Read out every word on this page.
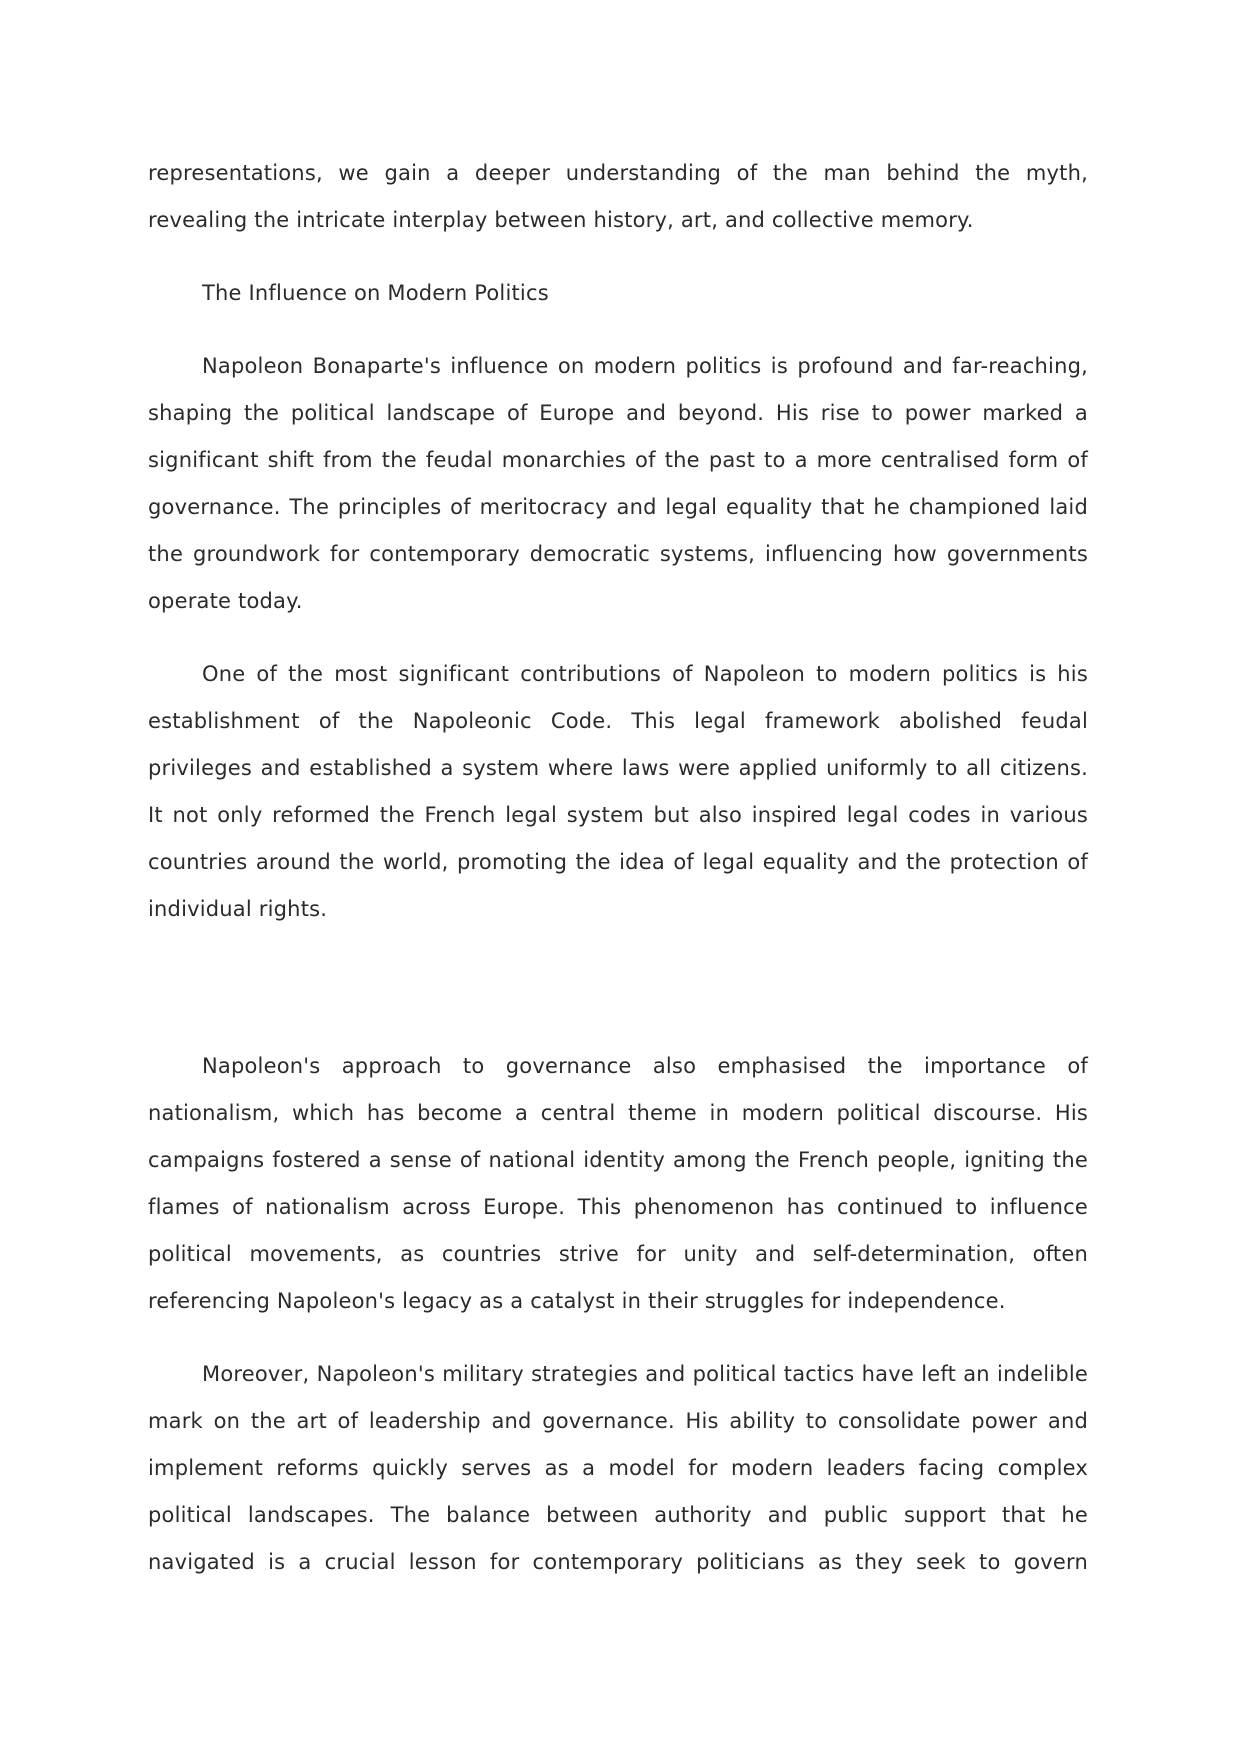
representations, we gain a deeper understanding of the man behind the myth, revealing the intricate interplay between history, art, and collective memory.

The Influence on Modern Politics

Napoleon Bonaparte's influence on modern politics is profound and far-reaching, shaping the political landscape of Europe and beyond. His rise to power marked a significant shift from the feudal monarchies of the past to a more centralised form of governance. The principles of meritocracy and legal equality that he championed laid the groundwork for contemporary democratic systems, influencing how governments operate today.

One of the most significant contributions of Napoleon to modern politics is his establishment of the Napoleonic Code. This legal framework abolished feudal privileges and established a system where laws were applied uniformly to all citizens. It not only reformed the French legal system but also inspired legal codes in various countries around the world, promoting the idea of legal equality and the protection of individual rights.

Napoleon's approach to governance also emphasised the importance of nationalism, which has become a central theme in modern political discourse. His campaigns fostered a sense of national identity among the French people, igniting the flames of nationalism across Europe. This phenomenon has continued to influence political movements, as countries strive for unity and self-determination, often referencing Napoleon's legacy as a catalyst in their struggles for independence.

Moreover, Napoleon's military strategies and political tactics have left an indelible mark on the art of leadership and governance. His ability to consolidate power and implement reforms quickly serves as a model for modern leaders facing complex political landscapes. The balance between authority and public support that he navigated is a crucial lesson for contemporary politicians as they seek to govern
